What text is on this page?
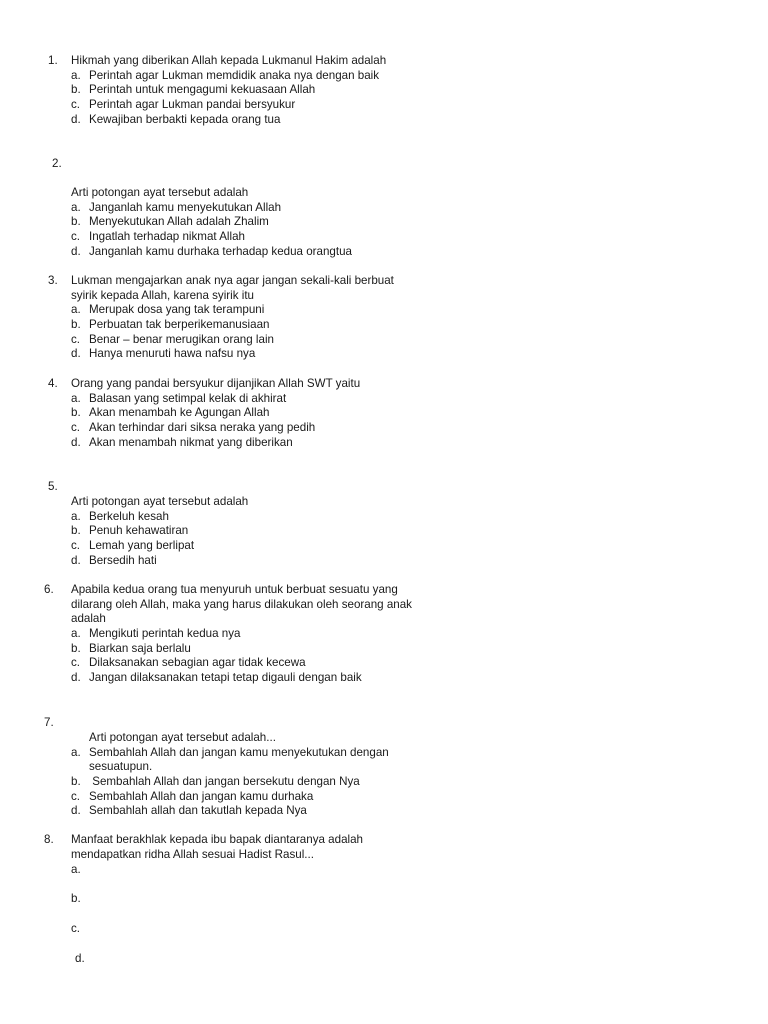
1. Hikmah yang diberikan Allah kepada Lukmanul Hakim adalah
a. Perintah agar Lukman memdidik anaka nya dengan baik
b. Perintah untuk mengagumi kekuasaan Allah
c. Perintah agar Lukman pandai bersyukur
d. Kewajiban berbakti kepada orang tua
2.
Arti potongan ayat tersebut adalah
a. Janganlah kamu menyekutukan Allah
b. Menyekutukan Allah adalah Zhalim
c. Ingatlah terhadap nikmat Allah
d. Janganlah kamu durhaka terhadap kedua orangtua
3. Lukman mengajarkan anak nya agar jangan sekali-kali berbuat
syirik kepada Allah, karena syirik itu
a. Merupak dosa yang tak terampuni
b. Perbuatan tak berperikemanusiaan
c. Benar – benar merugikan orang lain
d. Hanya menuruti hawa nafsu nya
4. Orang yang pandai bersyukur dijanjikan Allah SWT yaitu
a. Balasan yang setimpal kelak di akhirat
b. Akan menambah ke Agungan Allah
c. Akan terhindar dari siksa neraka yang pedih
d. Akan menambah nikmat yang diberikan
5.
Arti potongan ayat tersebut adalah
a. Berkeluh kesah
b. Penuh kehawatiran
c. Lemah yang berlipat
d. Bersedih hati
6. Apabila kedua orang tua menyuruh untuk berbuat sesuatu yang
dilarang oleh Allah, maka yang harus dilakukan oleh seorang anak
adalah
a. Mengikuti perintah kedua nya
b. Biarkan saja berlalu
c. Dilaksanakan sebagian agar tidak kecewa
d. Jangan dilaksanakan tetapi tetap digauli dengan baik
7.
Arti potongan ayat tersebut adalah...
a. Sembahlah Allah dan jangan kamu menyekutukan dengan
sesuatupun.
b. Sembahlah Allah dan jangan bersekutu dengan Nya
c. Sembahlah Allah dan jangan kamu durhaka
d. Sembahlah allah dan takutlah kepada Nya
8. Manfaat berakhlak kepada ibu bapak diantaranya adalah
mendapatkan ridha Allah sesuai Hadist Rasul...
a.
b.
c.
d.
